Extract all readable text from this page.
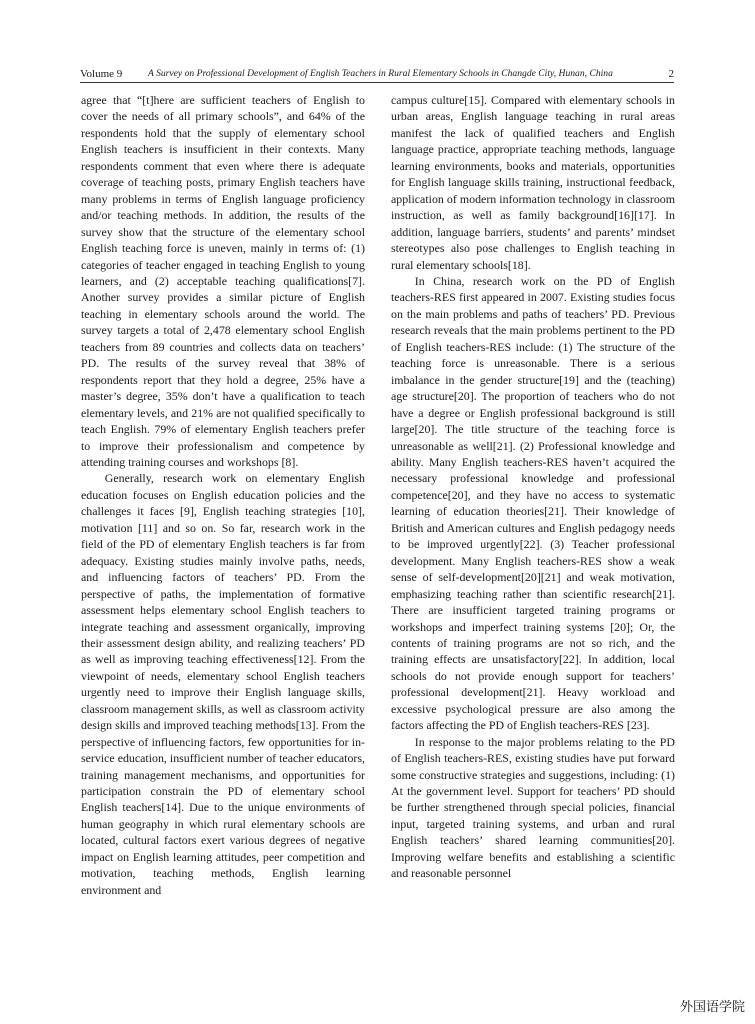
Volume 9	A Survey on Professional Development of English Teachers in Rural Elementary Schools in Changde City, Hunan, China	2

agree that “[t]here are sufficient teachers of English to cover the needs of all primary schools”, and 64% of the respondents hold that the supply of elementary school English teachers is insufficient in their contexts. Many respondents comment that even where there is adequate coverage of teaching posts, primary English teachers have many problems in terms of English language proficiency and/or teaching methods. In addition, the results of the survey show that the structure of the elementary school English teaching force is uneven, mainly in terms of: (1) categories of teacher engaged in teaching English to young learners, and (2) acceptable teaching qualifications[7]. Another survey provides a similar picture of English teaching in elementary schools around the world. The survey targets a total of 2,478 elementary school English teachers from 89 countries and collects data on teachers’ PD. The results of the survey reveal that 38% of respondents report that they hold a degree, 25% have a master’s degree, 35% don’t have a qualification to teach elementary levels, and 21% are not qualified specifically to teach English. 79% of elementary English teachers prefer to improve their professionalism and competence by attending training courses and workshops [8].

Generally, research work on elementary English education focuses on English education policies and the challenges it faces [9], English teaching strategies [10], motivation [11] and so on. So far, research work in the field of the PD of elementary English teachers is far from adequacy. Existing studies mainly involve paths, needs, and influencing factors of teachers’ PD. From the perspective of paths, the implementation of formative assessment helps elementary school English teachers to integrate teaching and assessment organically, improving their assessment design ability, and realizing teachers’ PD as well as improving teaching effectiveness[12]. From the viewpoint of needs, elementary school English teachers urgently need to improve their English language skills, classroom management skills, as well as classroom activity design skills and improved teaching methods[13]. From the perspective of influencing factors, few opportunities for in-service education, insufficient number of teacher educators, training management mechanisms, and opportunities for participation constrain the PD of elementary school English teachers[14]. Due to the unique environments of human geography in which rural elementary schools are located, cultural factors exert various degrees of negative impact on English learning attitudes, peer competition and motivation, teaching methods, English learning environment and

campus culture[15]. Compared with elementary schools in urban areas, English language teaching in rural areas manifest the lack of qualified teachers and English language practice, appropriate teaching methods, language learning environments, books and materials, opportunities for English language skills training, instructional feedback, application of modern information technology in classroom instruction, as well as family background[16][17]. In addition, language barriers, students’ and parents’ mindset stereotypes also pose challenges to English teaching in rural elementary schools[18].

In China, research work on the PD of English teachers-RES first appeared in 2007. Existing studies focus on the main problems and paths of teachers’ PD. Previous research reveals that the main problems pertinent to the PD of English teachers-RES include: (1) The structure of the teaching force is unreasonable. There is a serious imbalance in the gender structure[19] and the (teaching) age structure[20]. The proportion of teachers who do not have a degree or English professional background is still large[20]. The title structure of the teaching force is unreasonable as well[21]. (2) Professional knowledge and ability. Many English teachers-RES haven’t acquired the necessary professional knowledge and professional competence[20], and they have no access to systematic learning of education theories[21]. Their knowledge of British and American cultures and English pedagogy needs to be improved urgently[22]. (3) Teacher professional development. Many English teachers-RES show a weak sense of self-development[20][21] and weak motivation, emphasizing teaching rather than scientific research[21]. There are insufficient targeted training programs or workshops and imperfect training systems [20]; Or, the contents of training programs are not so rich, and the training effects are unsatisfactory[22]. In addition, local schools do not provide enough support for teachers’ professional development[21]. Heavy workload and excessive psychological pressure are also among the factors affecting the PD of English teachers-RES [23].

In response to the major problems relating to the PD of English teachers-RES, existing studies have put forward some constructive strategies and suggestions, including: (1) At the government level. Support for teachers’ PD should be further strengthened through special policies, financial input, targeted training systems, and urban and rural English teachers’ shared learning communities[20]. Improving welfare benefits and establishing a scientific and reasonable personnel

外国语学院
